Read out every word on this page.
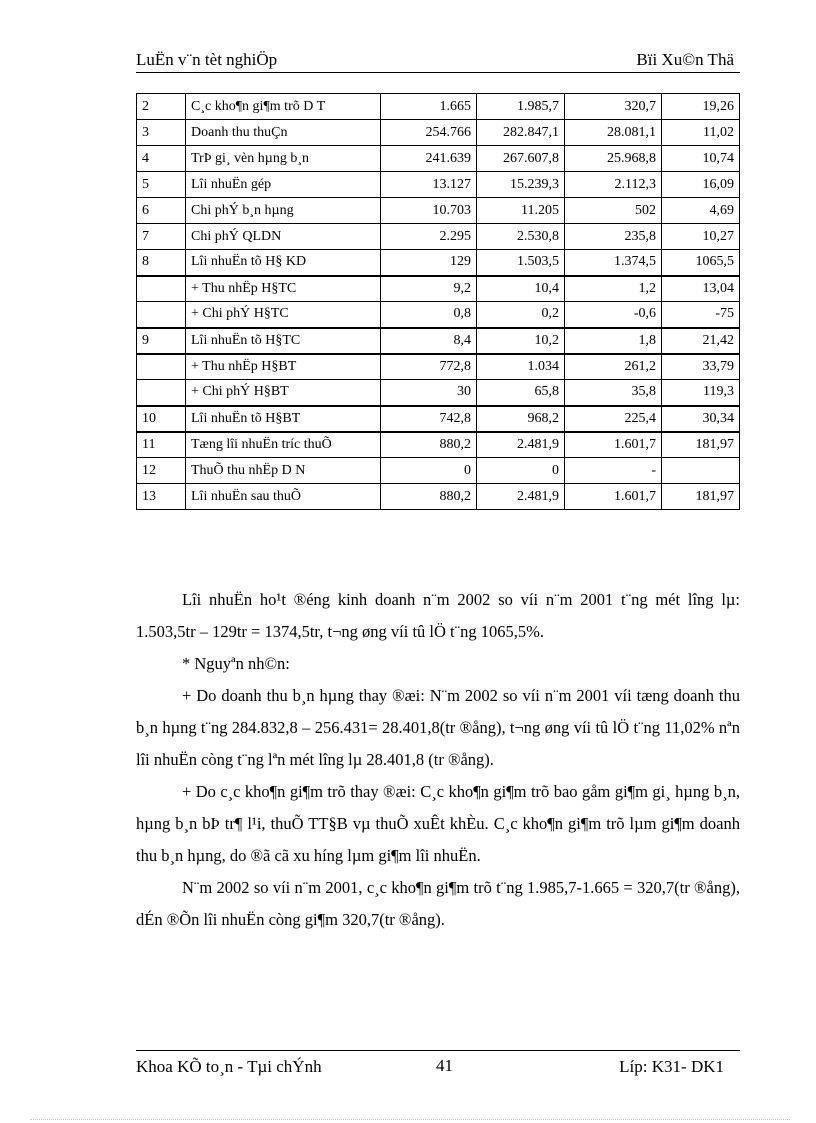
LuËn v¨n tèt nghiÖp	Bïi Xu©n Thä
2	C¸c kho¶n gi¶m trõ D T	1.665	1.985,7	320,7	19,26
3	Doanh thu thuÇn	254.766	282.847,1	28.081,1	11,02
4	TrÞ gi¸ vèn hµng b¸n	241.639	267.607,8	25.968,8	10,74
5	Lîi nhuËn gép	13.127	15.239,3	2.112,3	16,09
6	Chi phÝ b¸n hµng	10.703	11.205	502	4,69
7	Chi phÝ QLDN	2.295	2.530,8	235,8	10,27
8	Lîi nhuËn tõ H§ KD	129	1.503,5	1.374,5	1065,5
	+ Thu nhËp H§TC	9,2	10,4	1,2	13,04
	+ Chi phÝ H§TC	0,8	0,2	-0,6	-75
9	Lîi nhuËn tõ H§TC	8,4	10,2	1,8	21,42
	+ Thu nhËp H§BT	772,8	1.034	261,2	33,79
	+ Chi phÝ H§BT	30	65,8	35,8	119,3
10	Lîi nhuËn tõ H§BT	742,8	968,2	225,4	30,34
11	Tæng lîi nhuËn tríc thuÕ	880,2	2.481,9	1.601,7	181,97
12	ThuÕ thu nhËp D N	0	0	-	
13	Lîi nhuËn sau thuÕ	880,2	2.481,9	1.601,7	181,97

Lîi nhuËn ho¹t ®éng kinh doanh n¨m 2002 so víi n¨m 2001 t¨ng mét lîng lµ: 1.503,5tr – 129tr = 1374,5tr, t¬ng øng víi tû lÖ t¨ng 1065,5%.

* Nguyªn nh©n:

+ Do doanh thu b¸n hµng thay ®æi: N¨m 2002 so víi n¨m 2001 víi tæng doanh thu b¸n hµng t¨ng 284.832,8 – 256.431= 28.401,8(tr ®ång), t¬ng øng víi tû lÖ t¨ng 11,02% nªn lîi nhuËn còng t¨ng lªn mét lîng lµ 28.401,8 (tr ®ång).

+ Do c¸c kho¶n gi¶m trõ thay ®æi: C¸c kho¶n gi¶m trõ bao gåm gi¶m gi¸ hµng b¸n, hµng b¸n bÞ tr¶ l¹i, thuÕ TT§B vµ thuÕ xuÊt khÈu. C¸c kho¶n gi¶m trõ lµm gi¶m doanh thu b¸n hµng, do ®ã cã xu híng lµm gi¶m lîi nhuËn.

N¨m 2002 so víi n¨m 2001, c¸c kho¶n gi¶m trõ t¨ng 1.985,7-1.665 = 320,7(tr ®ång), dÉn ®Õn lîi nhuËn còng gi¶m 320,7(tr ®ång).

Khoa KÕ to¸n - Tµi chÝnh	41	Líp: K31- DK1
